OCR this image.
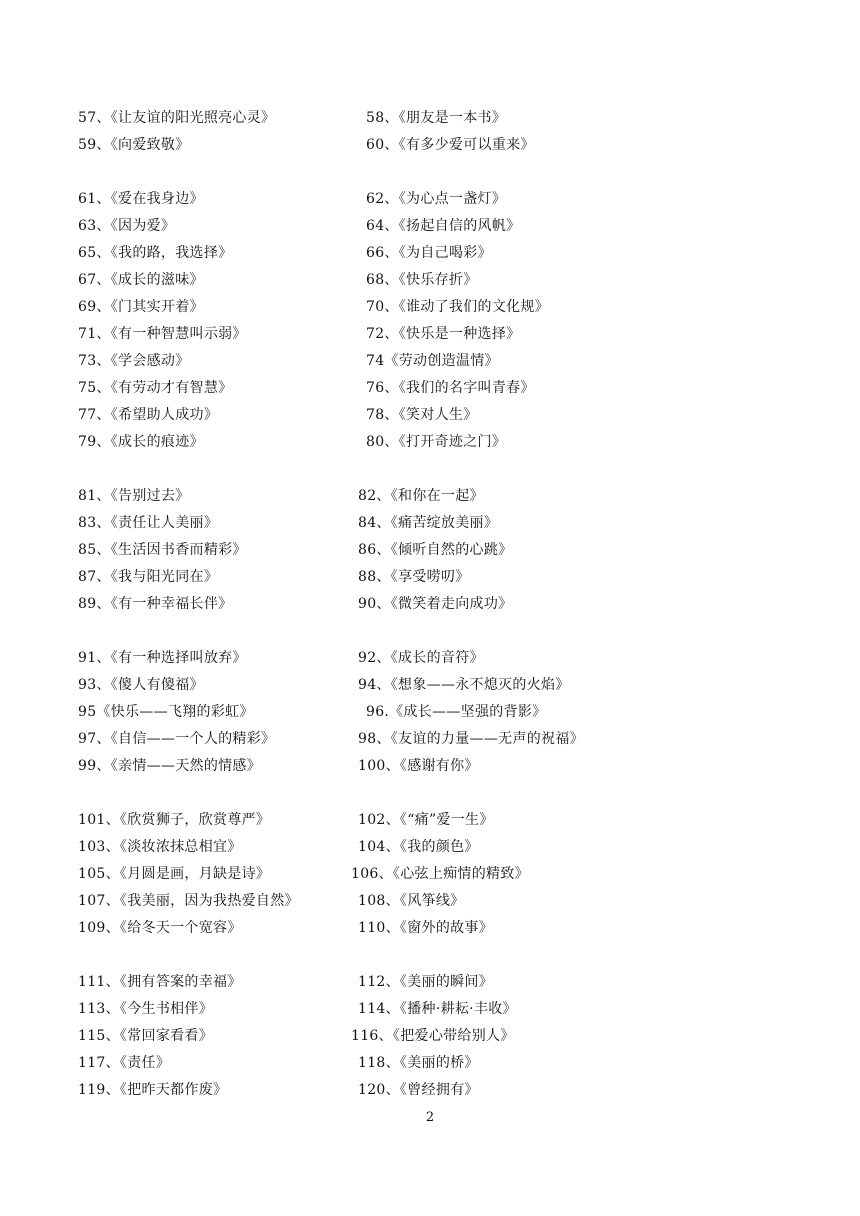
57、《让友谊的阳光照亮心灵》	58、《朋友是一本书》
59、《向爱致敬》	60、《有多少爱可以重来》
61、《爱在我身边》	62、《为心点一盏灯》
63、《因为爱》	64、《扬起自信的风帆》
65、《我的路，我选择》	66、《为自己喝彩》
67、《成长的滋味》	68、《快乐存折》
69、《门其实开着》	70、《谁动了我们的文化规》
71、《有一种智慧叫示弱》	72、《快乐是一种选择》
73、《学会感动》	74《劳动创造温情》
75、《有劳动才有智慧》	76、《我们的名字叫青春》
77、《希望助人成功》	78、《笑对人生》
79、《成长的痕迹》	80、《打开奇迹之门》
81、《告别过去》	82、《和你在一起》
83、《责任让人美丽》	84、《痛苦绽放美丽》
85、《生活因书香而精彩》	86、《倾听自然的心跳》
87、《我与阳光同在》	88、《享受唠叨》
89、《有一种幸福长伴》	90、《微笑着走向成功》
91、《有一种选择叫放弃》	92、《成长的音符》
93、《傻人有傻福》	94、《想象——永不熄灭的火焰》
95《快乐——飞翔的彩虹》	96.《成长——坚强的背影》
97、《自信——一个人的精彩》	98、《友谊的力量——无声的祝福》
99、《亲情——天然的情感》	100、《感谢有你》
101、《欣赏狮子，欣赏尊严》	102、《“痛”爱一生》
103、《淡妆浓抹总相宜》	104、《我的颜色》
105、《月圆是画，月缺是诗》	106、《心弦上痴情的精致》
107、《我美丽，因为我热爱自然》	108、《风筝线》
109、《给冬天一个宽容》	110、《窗外的故事》
111、《拥有答案的幸福》	112、《美丽的瞬间》
113、《今生书相伴》	114、《播种·耕耘·丰收》
115、《常回家看看》	116、《把爱心带给别人》
117、《责任》	118、《美丽的桥》
119、《把昨天都作废》	120、《曾经拥有》
2
